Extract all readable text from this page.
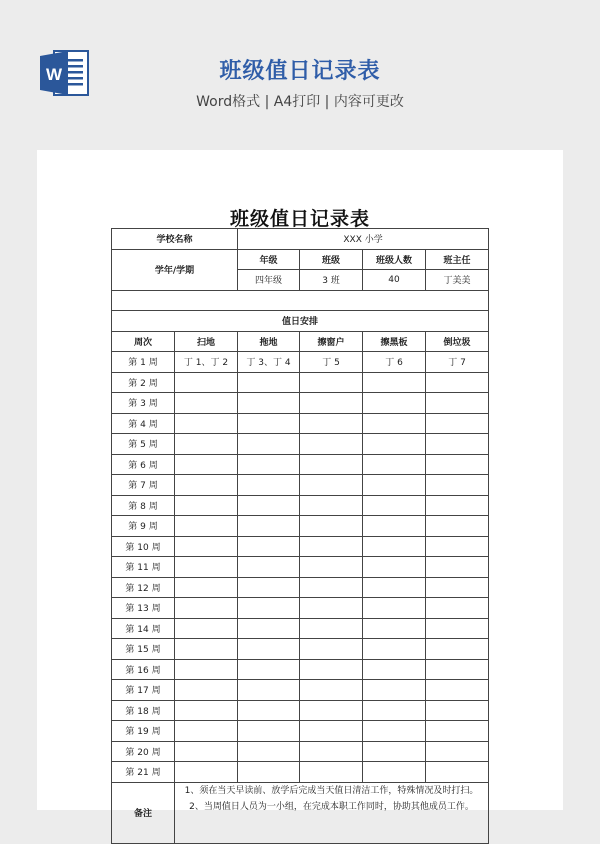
W	班级值日记录表
Word格式 | A4打印 | 内容可更改
班级值日记录表
学校名称		XXX 小学			
学年/学期		年级	班级	班级人数	班主任
		四年级	3 班	40	丁美美

值日安排					
周次	扫地	拖地	擦窗户	擦黑板	倒垃圾
第 1 周	丁 1、丁 2	丁 3、丁 4	丁 5	丁 6	丁 7
第 2 周					
第 3 周					
第 4 周					
第 5 周					
第 6 周					
第 7 周					
第 8 周					
第 9 周					
第 10 周					
第 11 周					
第 12 周					
第 13 周					
第 14 周					
第 15 周					
第 16 周					
第 17 周					
第 18 周					
第 19 周					
第 20 周					
第 21 周					
备注	1、须在当天早读前、放学后完成当天值日清洁工作，特殊情况及时打扫。
2、当周值日人员为一小组，在完成本职工作同时，协助其他成员工作。				
